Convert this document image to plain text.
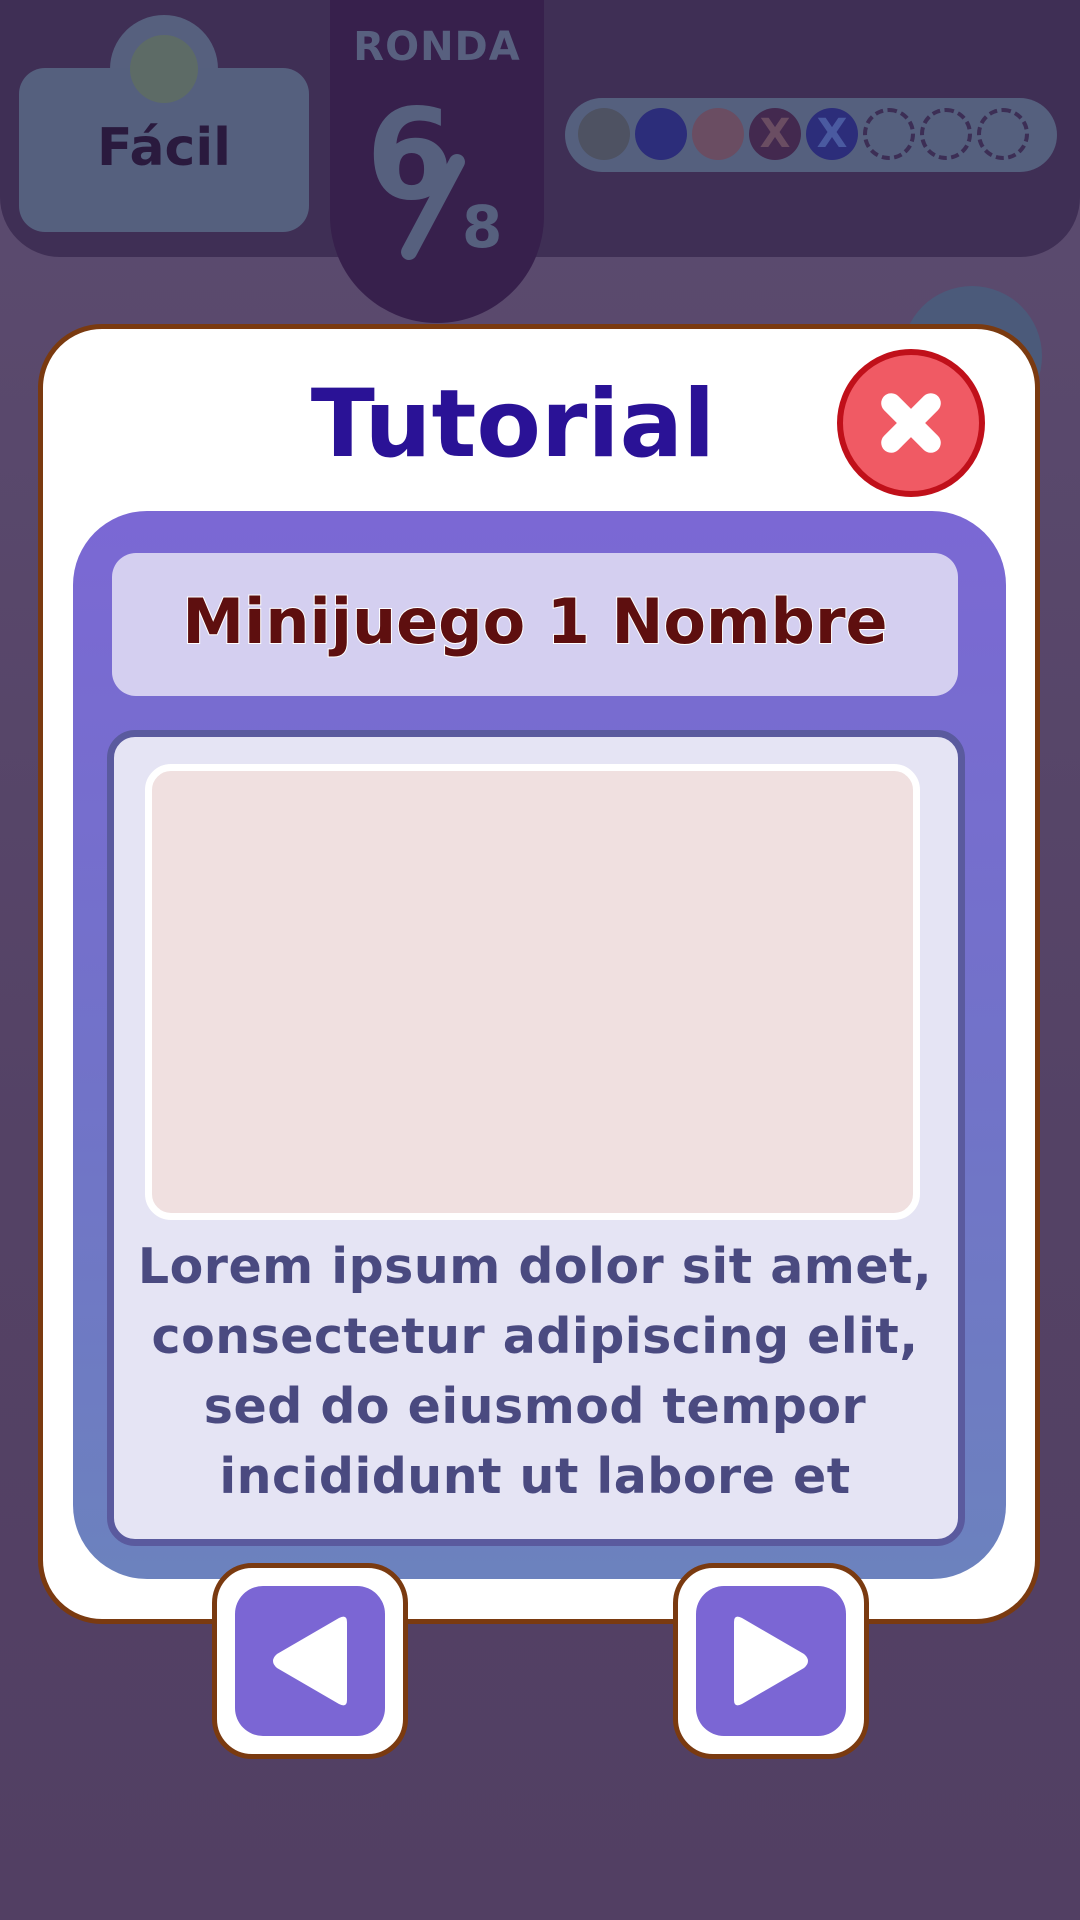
Fácil
RONDA
6 8
X X
Tutorial
Minijuego 1 Nombre
Lorem ipsum dolor sit amet, consectetur adipiscing elit, sed do eiusmod tempor incididunt ut labore et
